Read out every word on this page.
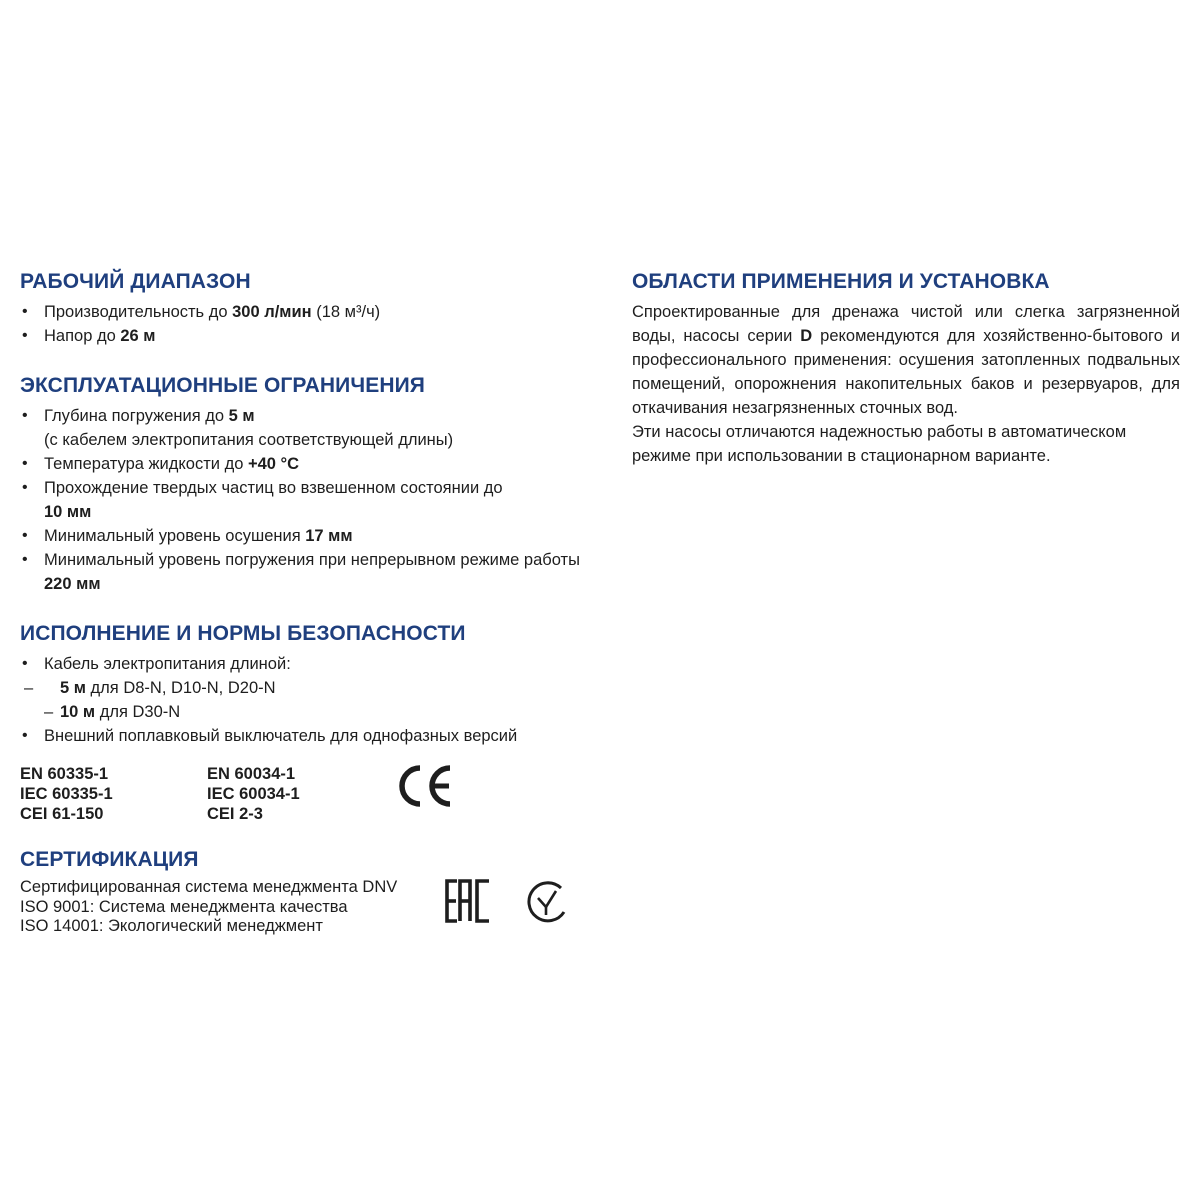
РАБОЧИЙ ДИАПАЗОН
• Производительность до 300 л/мин (18 м³/ч)
• Напор до 26 м
ЭКСПЛУАТАЦИОННЫЕ ОГРАНИЧЕНИЯ
• Глубина погружения до 5 м
(с кабелем электропитания соответствующей длины)
• Температура жидкости до +40 °C
• Прохождение твердых частиц во взвешенном состоянии до
10 мм
• Минимальный уровень осушения 17 мм
• Минимальный уровень погружения при непрерывном режиме работы 220 мм
ИСПОЛНЕНИЕ И НОРМЫ БЕЗОПАСНОСТИ
• Кабель электропитания длиной:
– 5 м для D8-N, D10-N, D20-N
– 10 м для D30-N
• Внешний поплавковый выключатель для однофазных версий
EN 60335-1
IEC 60335-1
CEI 61-150
EN 60034-1
IEC 60034-1
CEI 2-3
СЕРТИФИКАЦИЯ
Сертифицированная система менеджмента DNV
ISO 9001: Система менеджмента качества
ISO 14001: Экологический менеджмент
ОБЛАСТИ ПРИМЕНЕНИЯ И УСТАНОВКА

Спроектированные для дренажа чистой или слегка загрязненной воды, насосы серии D рекомендуются для хозяйственно-бытового и профессионального применения: осушения затопленных подвальных помещений, опорожнения накопительных баков и резервуаров, для откачивания незагрязненных сточных вод.

Эти насосы отличаются надежностью работы в автоматическом режиме при использовании в стационарном варианте.
